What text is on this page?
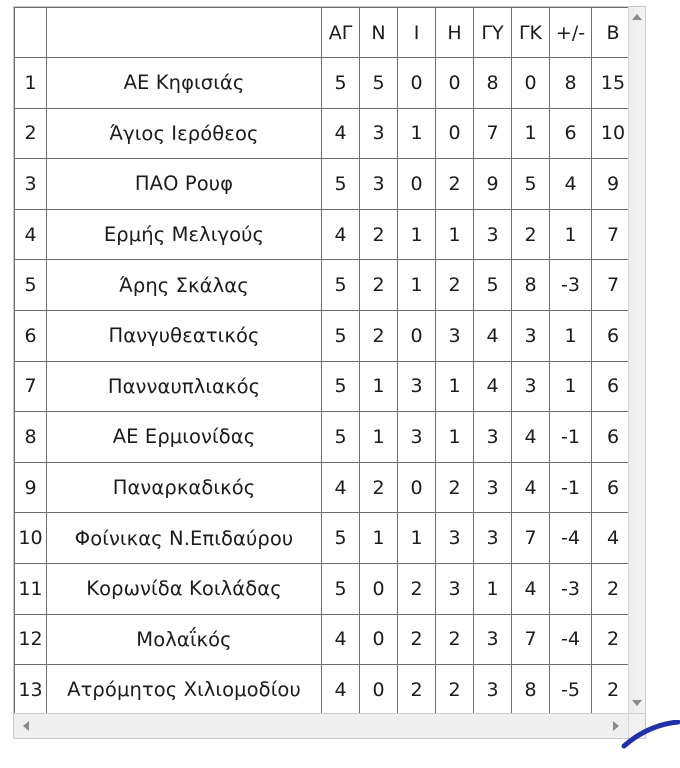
		ΑΓ	Ν	Ι	Η	ΓΥ	ΓΚ	+/-	Β
1	ΑΕ Κηφισιάς	5	5	0	0	8	0	8	15
2	Άγιος Ιερόθεος	4	3	1	0	7	1	6	10
3	ΠΑΟ Ρουφ	5	3	0	2	9	5	4	9
4	Ερμής Μελιγούς	4	2	1	1	3	2	1	7
5	Άρης Σκάλας	5	2	1	2	5	8	-3	7
6	Πανγυθεατικός	5	2	0	3	4	3	1	6
7	Πανναυπλιακός	5	1	3	1	4	3	1	6
8	ΑΕ Ερμιονίδας	5	1	3	1	3	4	-1	6
9	Παναρκαδικός	4	2	0	2	3	4	-1	6
10	Φοίνικας Ν.Επιδαύρου	5	1	1	3	3	7	-4	4
11	Κορωνίδα Κοιλάδας	5	0	2	3	1	4	-3	2
12	Μολαΐκός	4	0	2	2	3	7	-4	2
13	Ατρόμητος Χιλιομοδίου	4	0	2	2	3	8	-5	2
